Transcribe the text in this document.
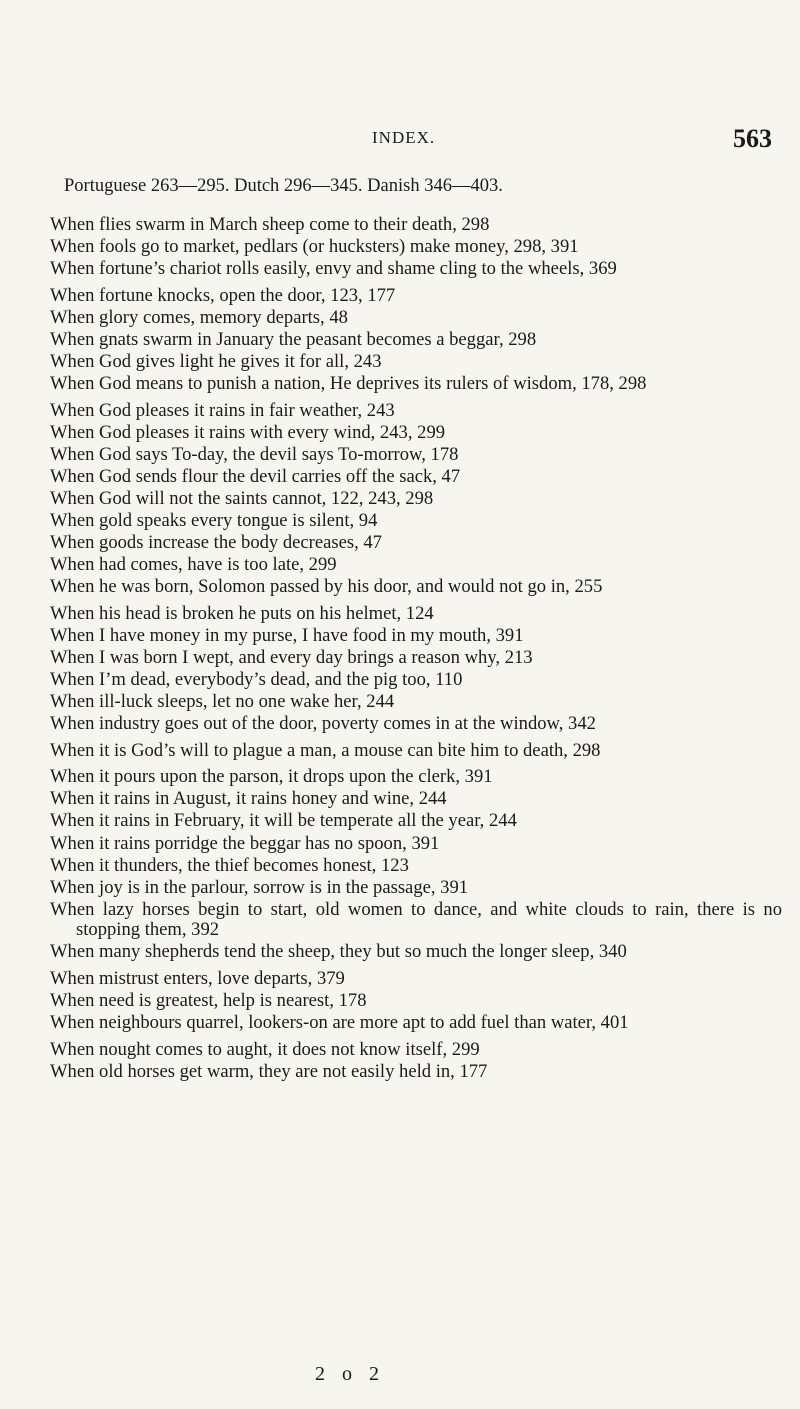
INDEX.	563
Portuguese 263—295. Dutch 296—345. Danish 346—403.

When flies swarm in March sheep come to their death, 298

When fools go to market, pedlars (or hucksters) make money, 298, 391

When fortune’s chariot rolls easily, envy and shame cling to the wheels, 369

When fortune knocks, open the door, 123, 177

When glory comes, memory departs, 48

When gnats swarm in January the peasant becomes a beggar, 298

When God gives light he gives it for all, 243

When God means to punish a nation, He deprives its rulers of wisdom, 178, 298

When God pleases it rains in fair weather, 243

When God pleases it rains with every wind, 243, 299

When God says To-day, the devil says To-morrow, 178

When God sends flour the devil carries off the sack, 47

When God will not the saints cannot, 122, 243, 298

When gold speaks every tongue is silent, 94

When goods increase the body decreases, 47

When had comes, have is too late, 299

When he was born, Solomon passed by his door, and would not go in, 255

When his head is broken he puts on his helmet, 124

When I have money in my purse, I have food in my mouth, 391

When I was born I wept, and every day brings a reason why, 213

When I’m dead, everybody’s dead, and the pig too, 110

When ill-luck sleeps, let no one wake her, 244

When industry goes out of the door, poverty comes in at the window, 342

When it is God’s will to plague a man, a mouse can bite him to death, 298

When it pours upon the parson, it drops upon the clerk, 391

When it rains in August, it rains honey and wine, 244

When it rains in February, it will be temperate all the year, 244

When it rains porridge the beggar has no spoon, 391

When it thunders, the thief becomes honest, 123

When joy is in the parlour, sorrow is in the passage, 391

When lazy horses begin to start, old women to dance, and white clouds to rain, there is no stopping them, 392

When many shepherds tend the sheep, they but so much the longer sleep, 340

When mistrust enters, love departs, 379

When need is greatest, help is nearest, 178

When neighbours quarrel, lookers-on are more apt to add fuel than water, 401

When nought comes to aught, it does not know itself, 299

When old horses get warm, they are not easily held in, 177

2 o 2
